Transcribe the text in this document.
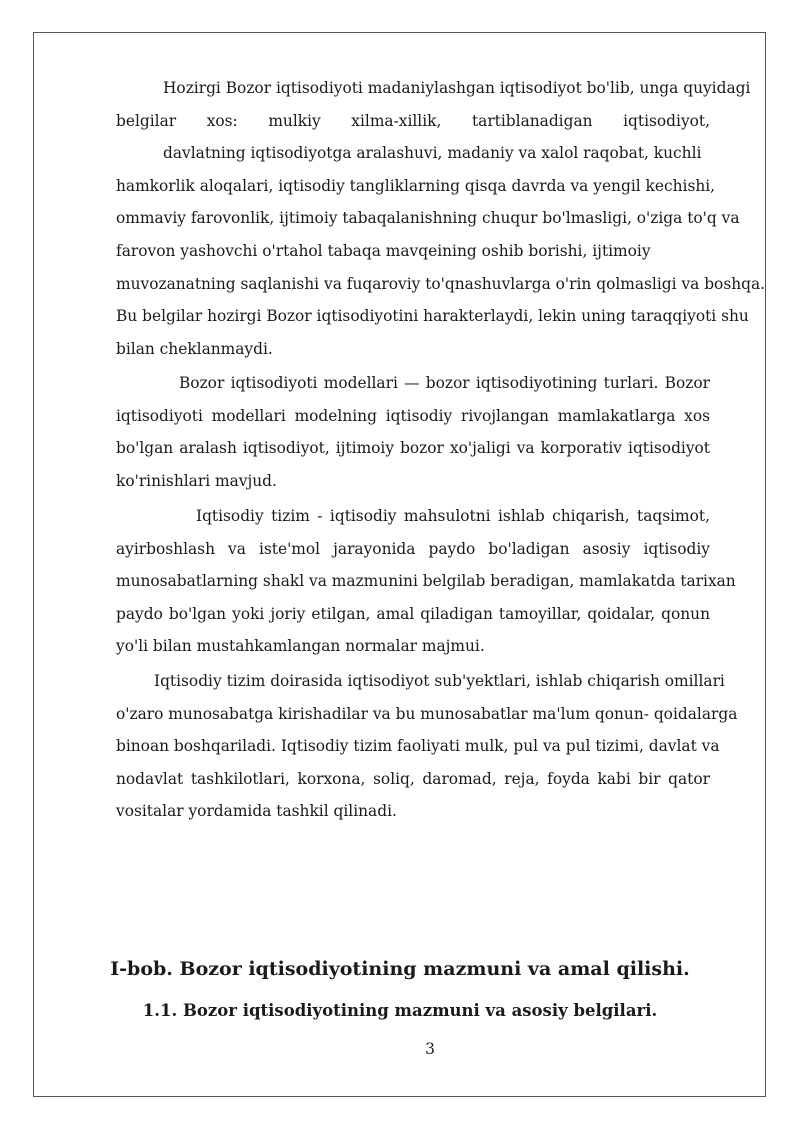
Hozirgi Bozor iqtisodiyoti madaniylashgan iqtisodiyot bo'lib, unga quyidagi
belgilar xos: mulkiy xilma-xillik, tartiblanadigan iqtisodiyot,
davlatning iqtisodiyotga aralashuvi, madaniy va xalol raqobat, kuchli
hamkorlik aloqalari, iqtisodiy tangliklarning qisqa davrda va yengil kechishi,
ommaviy farovonlik, ijtimoiy tabaqalanishning chuqur bo'lmasligi, o'ziga to'q va
farovon yashovchi o'rtahol tabaqa mavqeining oshib borishi, ijtimoiy
muvozanatning saqlanishi va fuqaroviy to'qnashuvlarga o'rin qolmasligi va boshqa.
Bu belgilar hozirgi Bozor iqtisodiyotini harakterlaydi, lekin uning taraqqiyoti shu
bilan cheklanmaydi.
Bozor iqtisodiyoti modellari — bozor iqtisodiyotining turlari. Bozor
iqtisodiyoti modellari modelning iqtisodiy rivojlangan mamlakatlarga xos
bo'lgan aralash iqtisodiyot, ijtimoiy bozor xo'jaligi va korporativ iqtisodiyot
ko'rinishlari mavjud.
Iqtisodiy tizim - iqtisodiy mahsulotni ishlab chiqarish, taqsimot,
ayirboshlash va iste'mol jarayonida paydo bo'ladigan asosiy iqtisodiy
munosabatlarning shakl va mazmunini belgilab beradigan, mamlakatda tarixan
paydo bo'lgan yoki joriy etilgan, amal qiladigan tamoyillar, qoidalar, qonun
yo'li bilan mustahkamlangan normalar majmui.
Iqtisodiy tizim doirasida iqtisodiyot sub'yektlari, ishlab chiqarish omillari
o'zaro munosabatga kirishadilar va bu munosabatlar ma'lum qonun- qoidalarga
binoan boshqariladi. Iqtisodiy tizim faoliyati mulk, pul va pul tizimi, davlat va
nodavlat tashkilotlari, korxona, soliq, daromad, reja, foyda kabi bir qator
vositalar yordamida tashkil qilinadi.
I-bob. Bozor iqtisodiyotining mazmuni va amal qilishi.
1.1. Bozor iqtisodiyotining mazmuni va asosiy belgilari.
3
